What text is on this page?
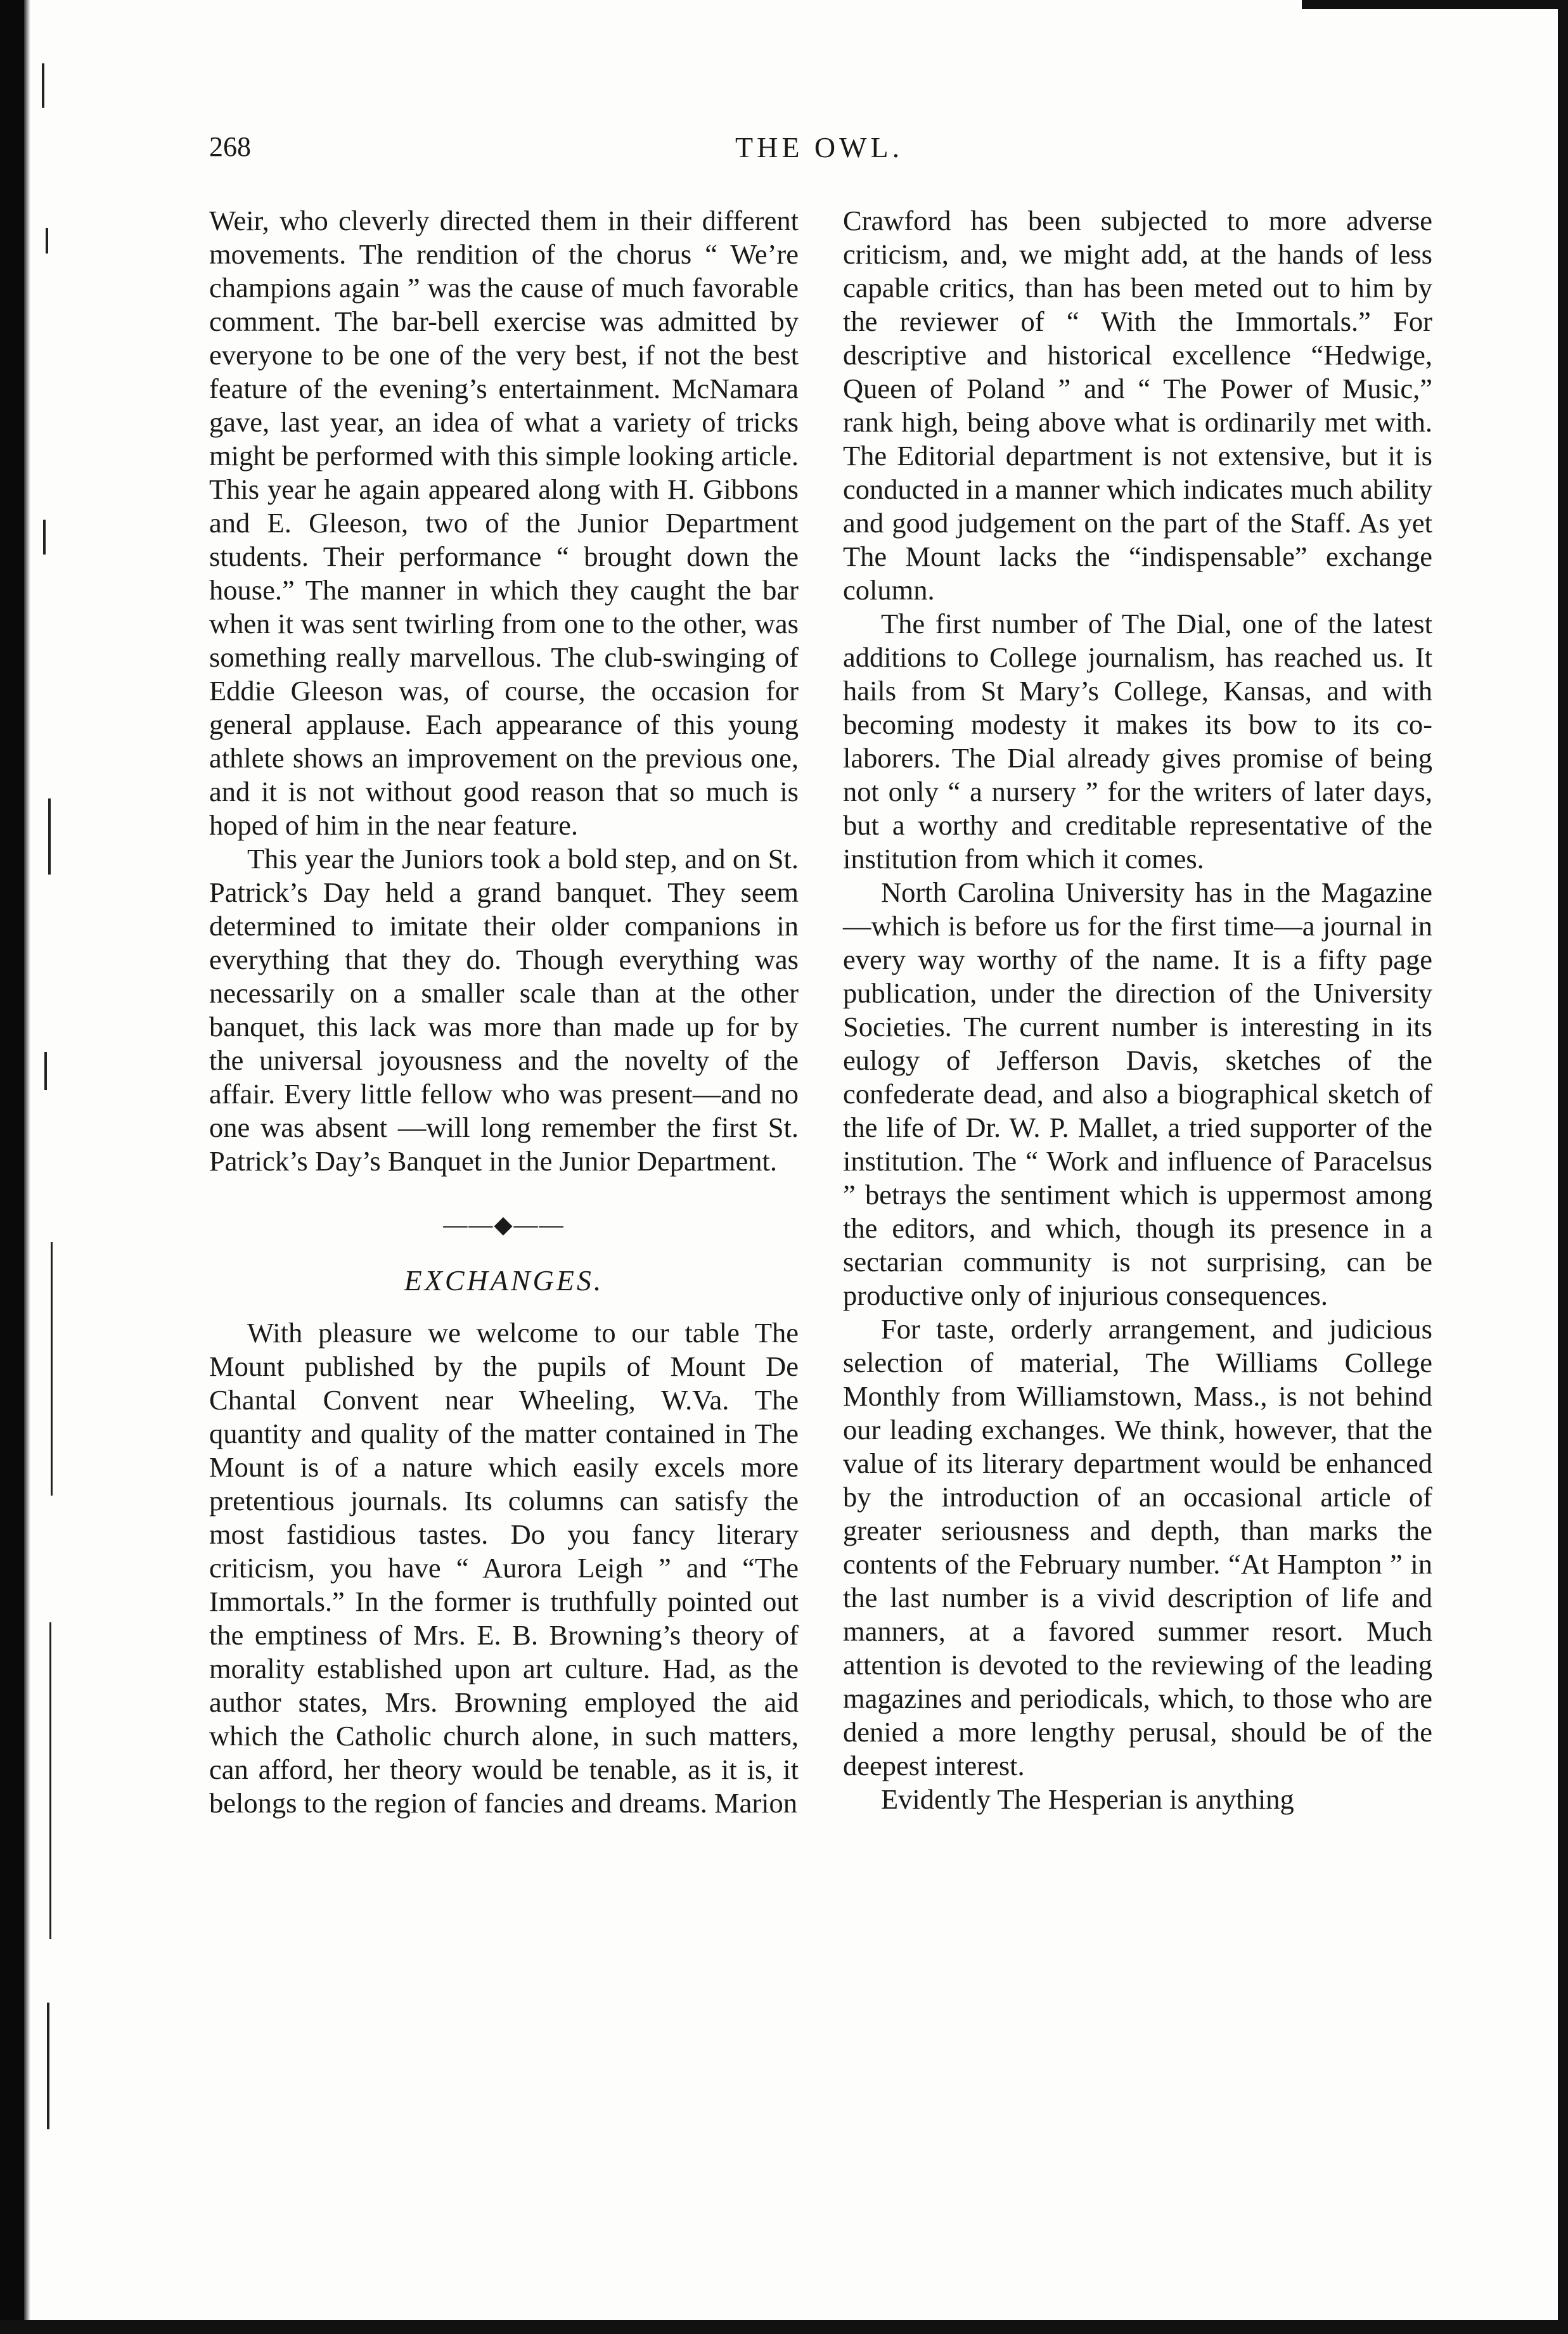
268	THE OWL.

Weir, who cleverly directed them in their different movements. The rendition of the chorus “ We’re champions again ” was the cause of much favorable comment. The bar-bell exercise was admitted by everyone to be one of the very best, if not the best feature of the evening’s entertainment. McNamara gave, last year, an idea of what a variety of tricks might be performed with this simple looking article. This year he again appeared along with H. Gibbons and E. Gleeson, two of the Junior Department students. Their performance “ brought down the house.” The manner in which they caught the bar when it was sent twirling from one to the other, was something really marvellous. The club-swinging of Eddie Gleeson was, of course, the occasion for general applause. Each appearance of this young athlete shows an improvement on the previous one, and it is not without good reason that so much is hoped of him in the near feature.

This year the Juniors took a bold step, and on St. Patrick’s Day held a grand banquet. They seem determined to imitate their older companions in everything that they do. Though everything was necessarily on a smaller scale than at the other banquet, this lack was more than made up for by the universal joyousness and the novelty of the affair. Every little fellow who was present—and no one was absent —will long remember the first St. Patrick’s Day’s Banquet in the Junior Department.

——◆——
EXCHANGES.

With pleasure we welcome to our table The Mount published by the pupils of Mount De Chantal Convent near Wheeling, W.Va. The quantity and quality of the matter contained in The Mount is of a nature which easily excels more pretentious journals. Its columns can satisfy the most fastidious tastes. Do you fancy literary criticism, you have “ Aurora Leigh ” and “The Immortals.” In the former is truthfully pointed out the emptiness of Mrs. E. B. Browning’s theory of morality established upon art culture. Had, as the author states, Mrs. Browning employed the aid which the Catholic church alone, in such matters, can afford, her theory would be tenable, as it is, it belongs to the region of fancies and dreams. Marion

Crawford has been subjected to more adverse criticism, and, we might add, at the hands of less capable critics, than has been meted out to him by the reviewer of “ With the Immortals.” For descriptive and historical excellence “Hedwige, Queen of Poland ” and “ The Power of Music,” rank high, being above what is ordinarily met with. The Editorial department is not extensive, but it is conducted in a manner which indicates much ability and good judgement on the part of the Staff. As yet The Mount lacks the “indispensable” exchange column.

The first number of The Dial, one of the latest additions to College journalism, has reached us. It hails from St Mary’s College, Kansas, and with becoming modesty it makes its bow to its co-laborers. The Dial already gives promise of being not only “ a nursery ” for the writers of later days, but a worthy and creditable representative of the institution from which it comes.

North Carolina University has in the Magazine—which is before us for the first time—a journal in every way worthy of the name. It is a fifty page publication, under the direction of the University Societies. The current number is interesting in its eulogy of Jefferson Davis, sketches of the confederate dead, and also a biographical sketch of the life of Dr. W. P. Mallet, a tried supporter of the institution. The “ Work and influence of Paracelsus ” betrays the sentiment which is uppermost among the editors, and which, though its presence in a sectarian community is not surprising, can be productive only of injurious consequences.

For taste, orderly arrangement, and judicious selection of material, The Williams College Monthly from Williamstown, Mass., is not behind our leading exchanges. We think, however, that the value of its literary department would be enhanced by the introduction of an occasional article of greater seriousness and depth, than marks the contents of the February number. “At Hampton ” in the last number is a vivid description of life and manners, at a favored summer resort. Much attention is devoted to the reviewing of the leading magazines and periodicals, which, to those who are denied a more lengthy perusal, should be of the deepest interest.

Evidently The Hesperian is anything
